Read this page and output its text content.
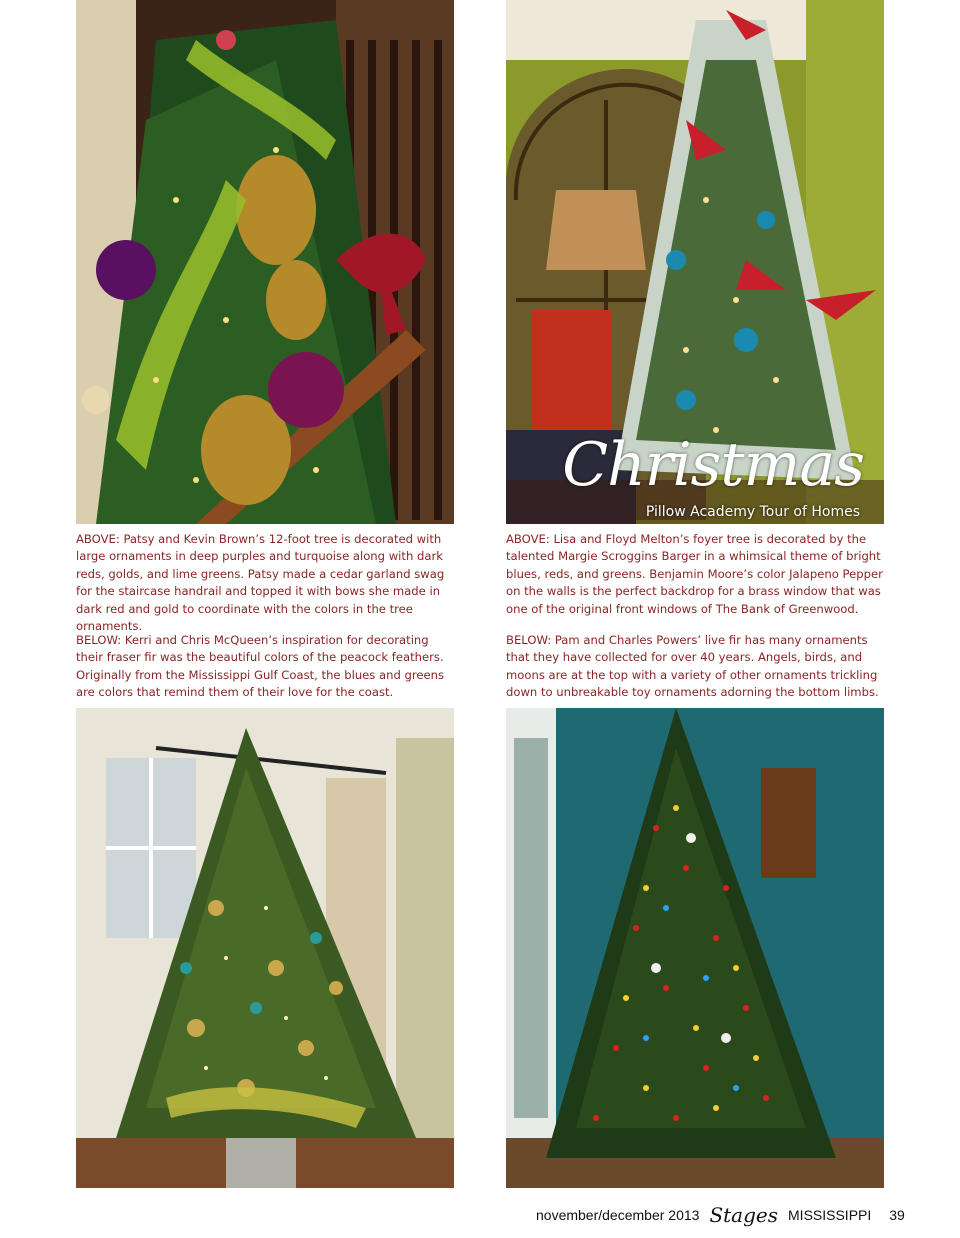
Christmas
Pillow Academy Tour of Homes

ABOVE: Patsy and Kevin Brown’s 12-foot tree is decorated with large ornaments in deep purples and turquoise along with dark reds, golds, and lime greens. Patsy made a cedar garland swag for the staircase handrail and topped it with bows she made in dark red and gold to coordinate with the colors in the tree ornaments.

BELOW: Kerri and Chris McQueen’s inspiration for decorating their fraser fir was the beautiful colors of the peacock feathers. Originally from the Mississippi Gulf Coast, the blues and greens are colors that remind them of their love for the coast.

ABOVE: Lisa and Floyd Melton’s foyer tree is decorated by the talented Margie Scroggins Barger in a whimsical theme of bright blues, reds, and greens. Benjamin Moore’s color Jalapeno Pepper on the walls is the perfect backdrop for a brass window that was one of the original front windows of The Bank of Greenwood.

BELOW: Pam and Charles Powers’ live fir has many ornaments that they have collected for over 40 years. Angels, birds, and moons are at the top with a variety of other ornaments trickling down to unbreakable toy ornaments adorning the bottom limbs.

november/december 2013 Stages MISSISSIPPI 39
